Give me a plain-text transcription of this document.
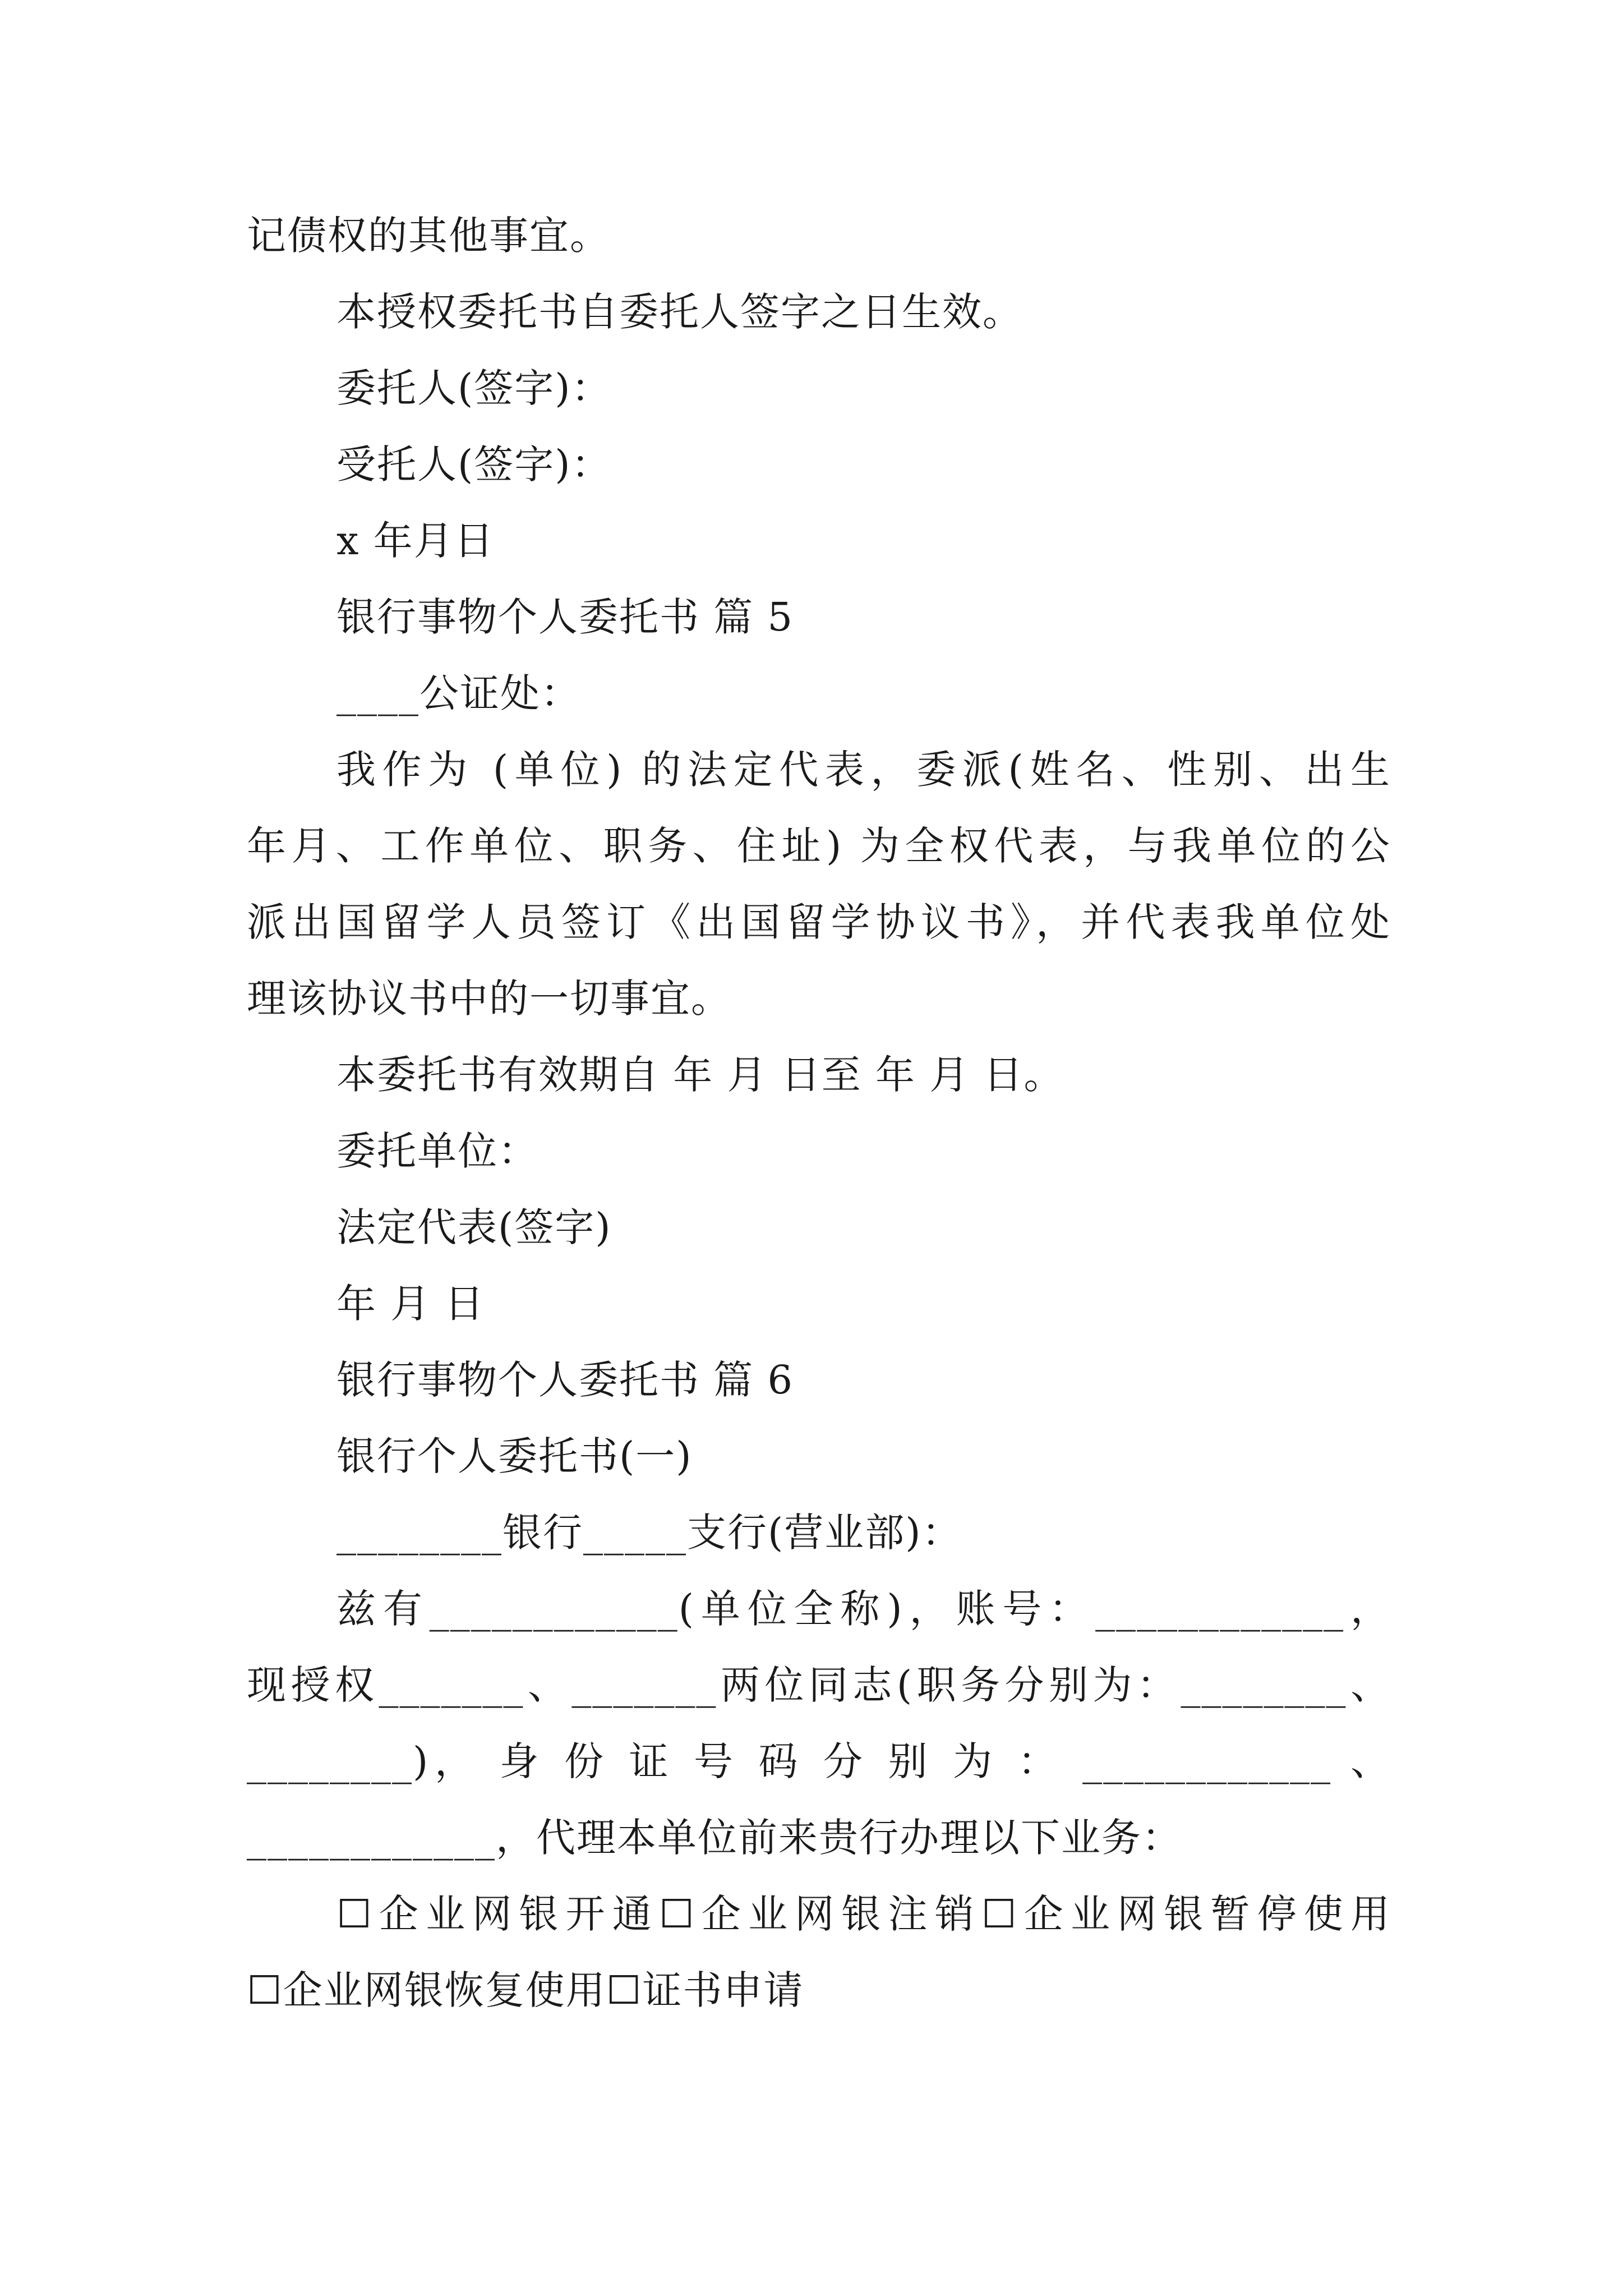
记债权的其他事宜。
本授权委托书自委托人签字之日生效。
委托人(签字)：
受托人(签字)：
x 年月日
银行事物个人委托书 篇 5
____公证处：
我作为 (单位) 的法定代表，委派(姓名、性别、出生
年月、工作单位、职务、住址) 为全权代表，与我单位的公
派出国留学人员签订《出国留学协议书》，并代表我单位处
理该协议书中的一切事宜。
本委托书有效期自 年 月 日至 年 月 日。
委托单位：
法定代表(签字)
年 月 日
银行事物个人委托书 篇 6
银行个人委托书(一)
________银行_____支行(营业部)：
兹有____________(单位全称)，账号：____________，
现授权_______、_______两位同志(职务分别为：________、
________)， 身 份 证 号 码 分 别 为 ： ____________ 、
____________，代理本单位前来贵行办理以下业务：
☐企业网银开通☐企业网银注销☐企业网银暂停使用
☐企业网银恢复使用☐证书申请
